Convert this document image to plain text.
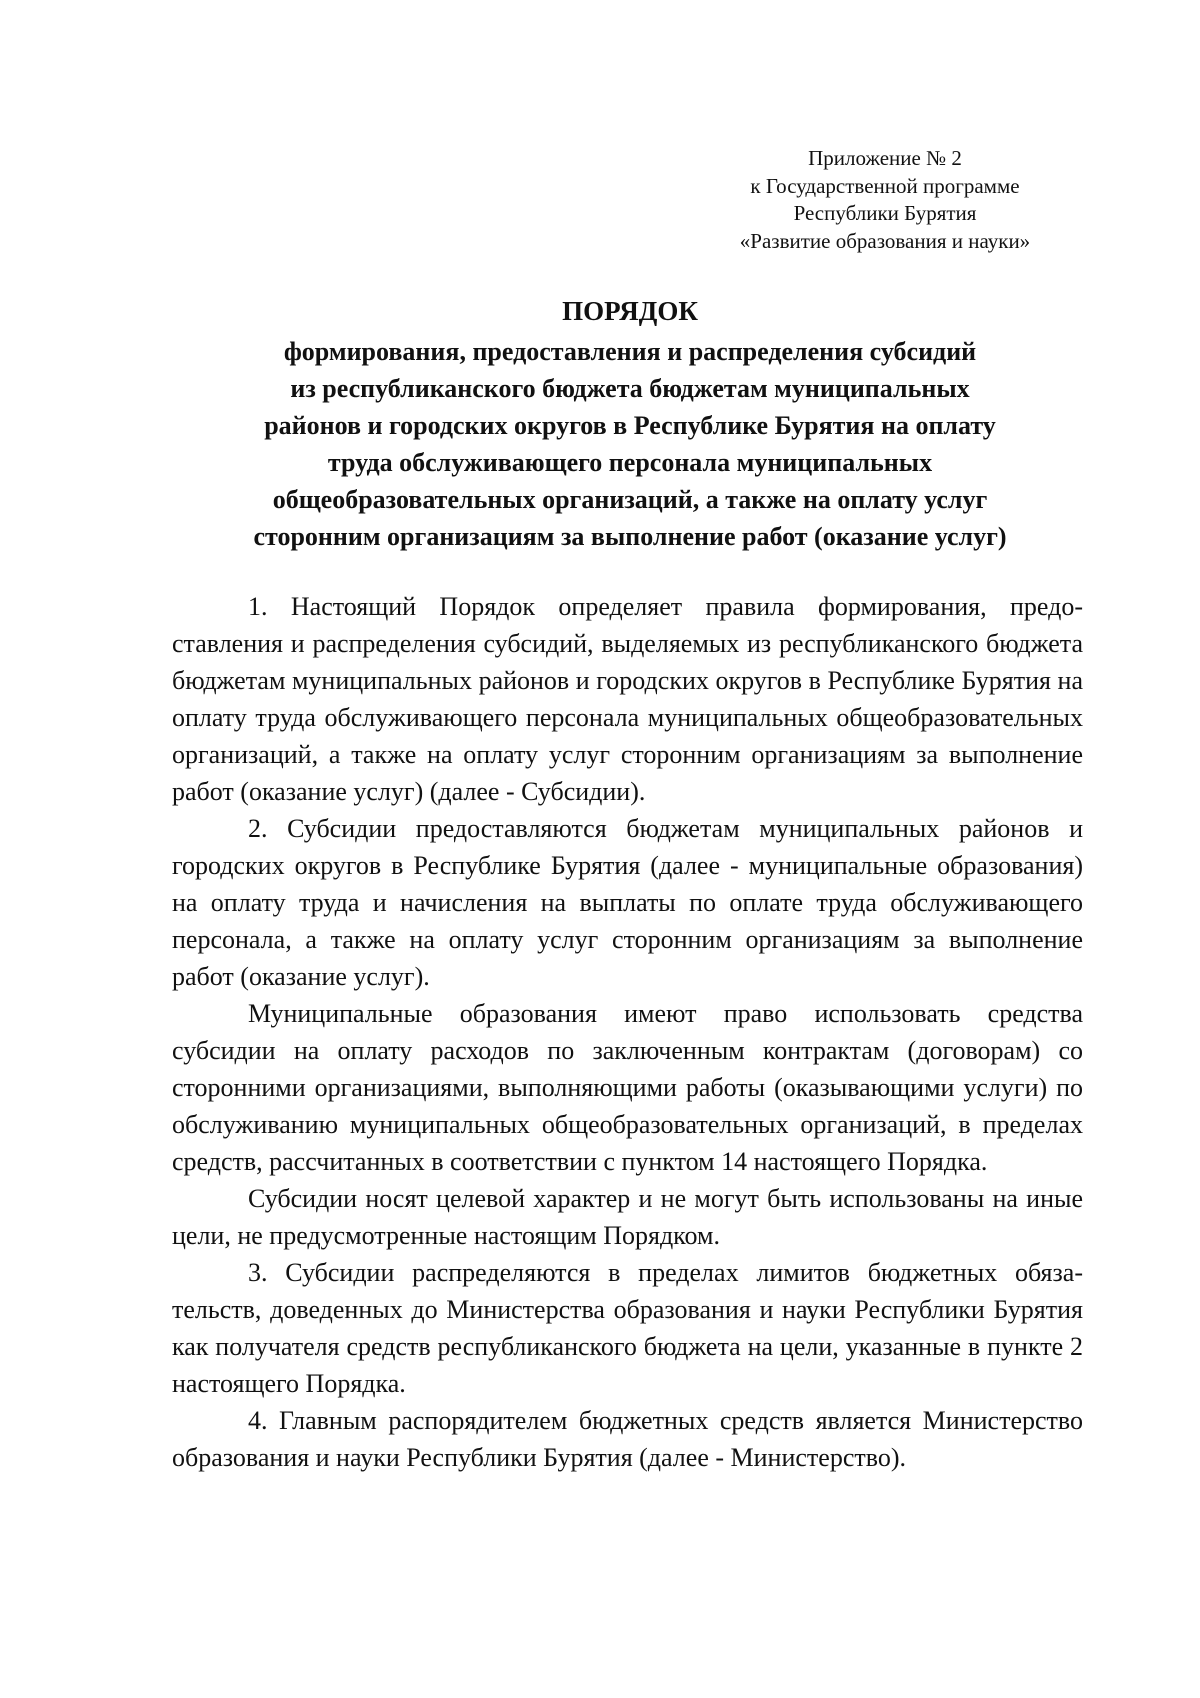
Приложение № 2
к Государственной программе
Республики Бурятия
«Развитие образования и науки»
ПОРЯДОК
формирования, предоставления и распределения субсидий
из республиканского бюджета бюджетам муниципальных
районов и городских округов в Республике Бурятия на оплату
труда обслуживающего персонала муниципальных
общеобразовательных организаций, а также на оплату услуг
сторонним организациям за выполнение работ (оказание услуг)

1. Настоящий Порядок определяет правила формирования, предоставления и распределения субсидий, выделяемых из республиканского бюджета бюджетам муниципальных районов и городских округов в Республике Бурятия на оплату труда обслуживающего персонала муниципальных общеобразовательных организаций, а также на оплату услуг сторонним организациям за выполнение работ (оказание услуг) (далее - Субсидии).

2. Субсидии предоставляются бюджетам муниципальных районов и городских округов в Республике Бурятия (далее - муниципальные образования) на оплату труда и начисления на выплаты по оплате труда обслуживающего персонала, а также на оплату услуг сторонним организациям за выполнение работ (оказание услуг).

Муниципальные образования имеют право использовать средства субсидии на оплату расходов по заключенным контрактам (договорам) со сторонними организациями, выполняющими работы (оказывающими услуги) по обслуживанию муниципальных общеобразовательных организаций, в пределах средств, рассчитанных в соответствии с пунктом 14 настоящего Порядка.

Субсидии носят целевой характер и не могут быть использованы на иные цели, не предусмотренные настоящим Порядком.

3. Субсидии распределяются в пределах лимитов бюджетных обязательств, доведенных до Министерства образования и науки Республики Бурятия как получателя средств республиканского бюджета на цели, указанные в пункте 2 настоящего Порядка.

4. Главным распорядителем бюджетных средств является Министерство образования и науки Республики Бурятия (далее - Министерство).
